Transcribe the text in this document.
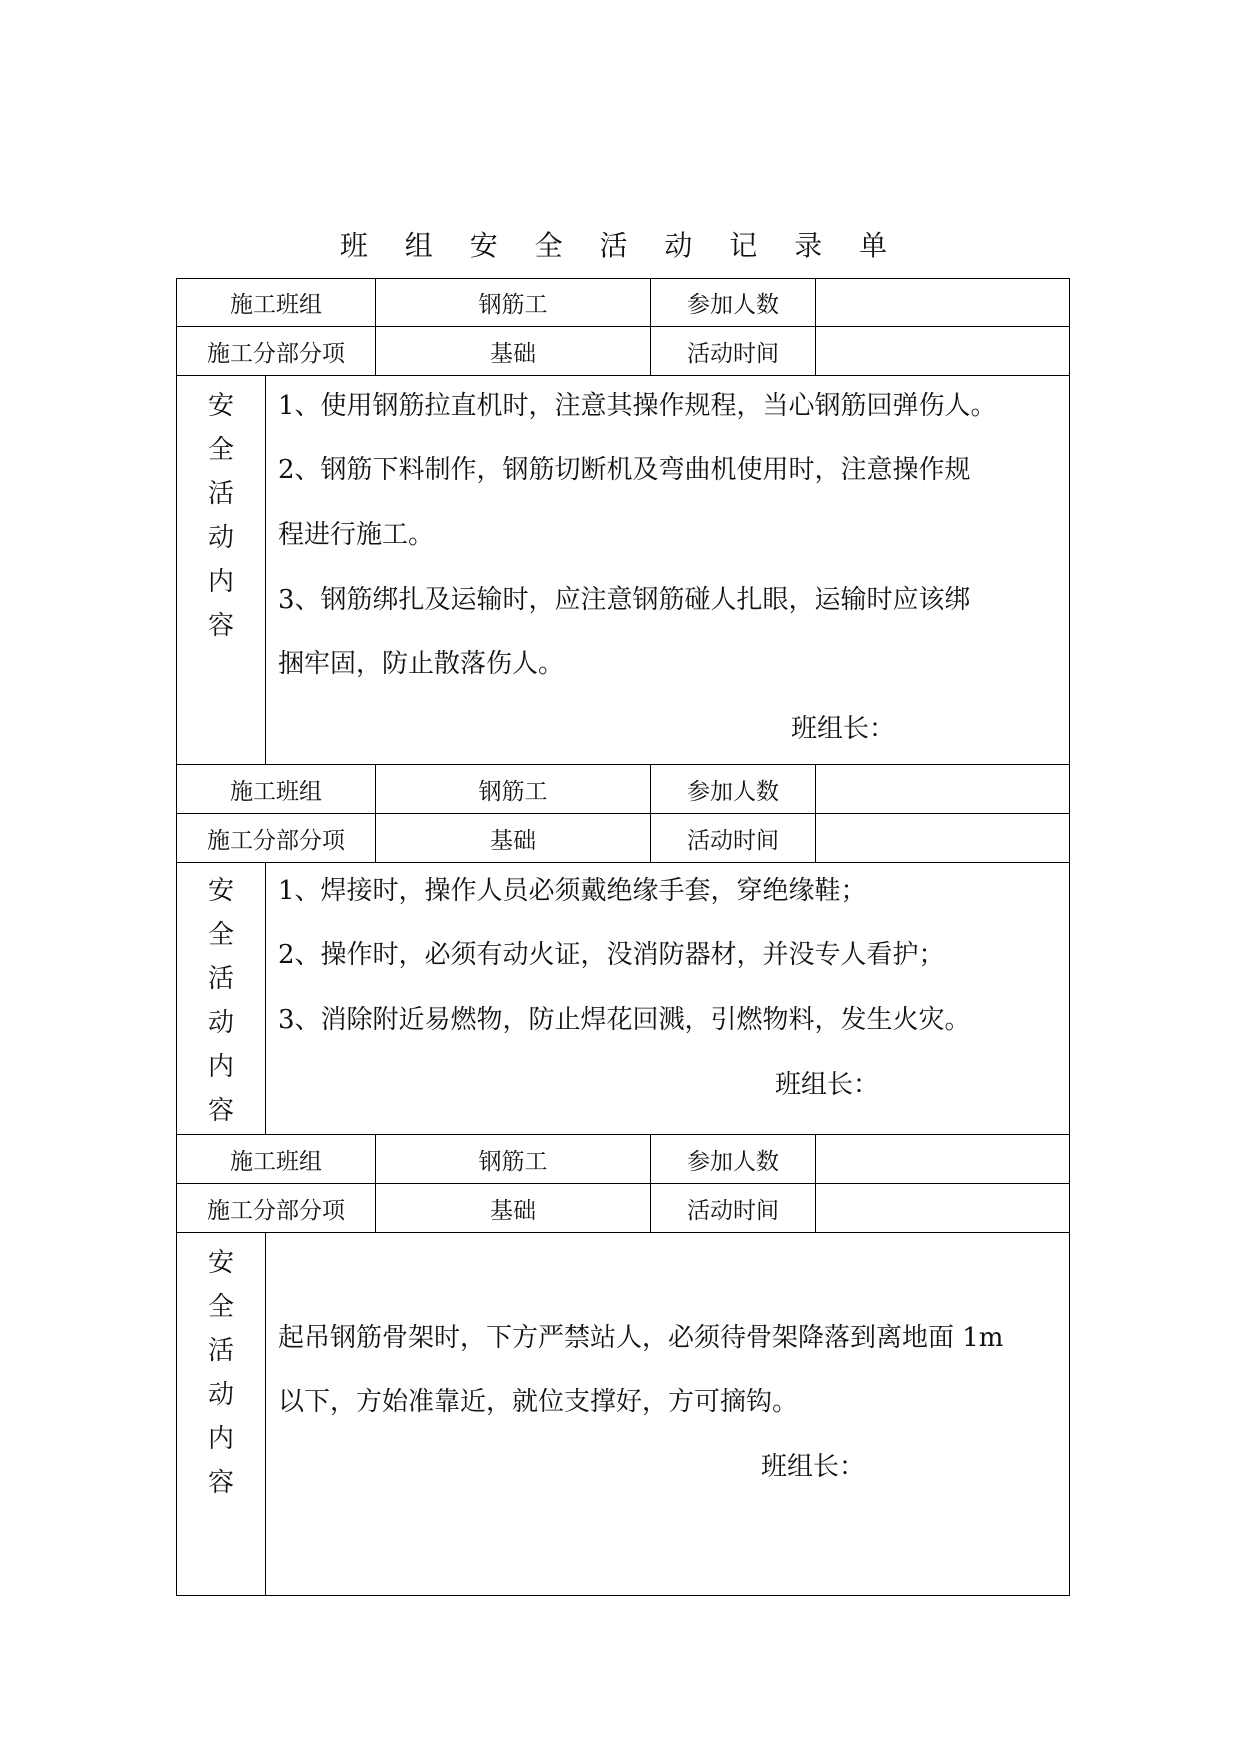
班 组 安 全 活 动 记 录 单
施工班组	钢筋工	参加人数
施工分部分项	基础	活动时间
安
全
活
动
内
容
1、使用钢筋拉直机时，注意其操作规程，当心钢筋回弹伤人。
2、钢筋下料制作，钢筋切断机及弯曲机使用时，注意操作规
程进行施工。
3、钢筋绑扎及运输时，应注意钢筋碰人扎眼，运输时应该绑
捆牢固，防止散落伤人。
班组长：
施工班组	钢筋工	参加人数
施工分部分项	基础	活动时间
安
全
活
动
内
容
1、焊接时，操作人员必须戴绝缘手套，穿绝缘鞋；
2、操作时，必须有动火证，没消防器材，并没专人看护；
3、消除附近易燃物，防止焊花回溅，引燃物料，发生火灾。
班组长：
施工班组	钢筋工	参加人数
施工分部分项	基础	活动时间
安
全
活
动
内
容
起吊钢筋骨架时，下方严禁站人，必须待骨架降落到离地面 1m
以下，方始准靠近，就位支撑好，方可摘钩。
班组长：
